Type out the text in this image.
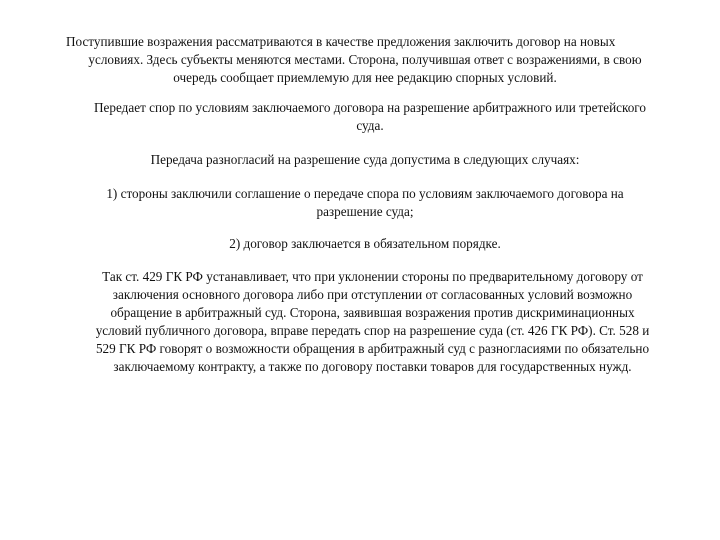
Поступившие возражения рассматриваются в качестве предложения заключить договор на новых
условиях. Здесь субъекты меняются местами. Сторона, получившая ответ с возражениями, в свою
очередь сообщает приемлемую для нее редакцию спорных условий.

Передает спор по условиям заключаемого договора на разрешение арбитражного или третейского
суда.

Передача разногласий на разрешение суда допустима в следующих случаях:

1) стороны заключили соглашение о передаче спора по условиям заключаемого договора на
разрешение суда;

2) договор заключается в обязательном порядке.

Так ст. 429 ГК РФ устанавливает, что при уклонении стороны по предварительному договору от
заключения основного договора либо при отступлении от согласованных условий возможно
обращение в арбитражный суд. Сторона, заявившая возражения против дискриминационных
условий публичного договора, вправе передать спор на разрешение суда (ст. 426 ГК РФ). Ст. 528 и
529 ГК РФ говорят о возможности обращения в арбитражный суд с разногласиями по обязательно
заключаемому контракту, а также по договору поставки товаров для государственных нужд.
